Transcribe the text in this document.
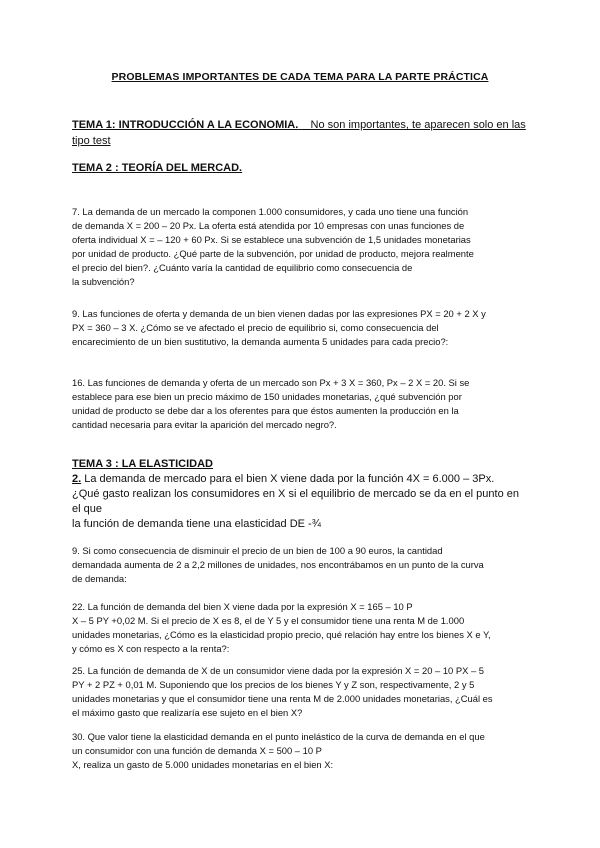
PROBLEMAS IMPORTANTES DE CADA TEMA PARA LA PARTE PRÁCTICA
TEMA 1: INTRODUCCIÓN A LA ECONOMIA. No son importantes, te aparecen solo en las tipo test
TEMA 2 : TEORÍA DEL MERCAD.
7. La demanda de un mercado la componen 1.000 consumidores, y cada uno tiene una función
de demanda X = 200 – 20 Px. La oferta está atendida por 10 empresas con unas funciones de
oferta individual X = – 120 + 60 Px. Si se establece una subvención de 1,5 unidades monetarias
por unidad de producto. ¿Qué parte de la subvención, por unidad de producto, mejora realmente
el precio del bien?. ¿Cuánto varía la cantidad de equilibrio como consecuencia de
la subvención?
9. Las funciones de oferta y demanda de un bien vienen dadas por las expresiones PX = 20 + 2 X y
PX = 360 – 3 X. ¿Cómo se ve afectado el precio de equilibrio si, como consecuencia del
encarecimiento de un bien sustitutivo, la demanda aumenta 5 unidades para cada precio?:
16. Las funciones de demanda y oferta de un mercado son Px + 3 X = 360, Px – 2 X = 20. Si se
establece para ese bien un precio máximo de 150 unidades monetarias, ¿qué subvención por
unidad de producto se debe dar a los oferentes para que éstos aumenten la producción en la
cantidad necesaria para evitar la aparición del mercado negro?.
TEMA 3 : LA ELASTICIDAD
2. La demanda de mercado para el bien X viene dada por la función 4X = 6.000 – 3Px.
¿Qué gasto realizan los consumidores en X si el equilibrio de mercado se da en el punto en
el que
la función de demanda tiene una elasticidad DE -¾
9. Si como consecuencia de disminuir el precio de un bien de 100 a 90 euros, la cantidad
demandada aumenta de 2 a 2,2 millones de unidades, nos encontrábamos en un punto de la curva
de demanda:
22. La función de demanda del bien X viene dada por la expresión X = 165 – 10 P
X – 5 PY +0,02 M. Si el precio de X es 8, el de Y 5 y el consumidor tiene una renta M de 1.000
unidades monetarias, ¿Cómo es la elasticidad propio precio, qué relación hay entre los bienes X e Y,
y cómo es X con respecto a la renta?:
25. La función de demanda de X de un consumidor viene dada por la expresión X = 20 – 10 PX – 5
PY + 2 PZ + 0,01 M. Suponiendo que los precios de los bienes Y y Z son, respectivamente, 2 y 5
unidades monetarias y que el consumidor tiene una renta M de 2.000 unidades monetarias, ¿Cuál es
el máximo gasto que realizaría ese sujeto en el bien X?
30. Que valor tiene la elasticidad demanda en el punto inelástico de la curva de demanda en el que
un consumidor con una función de demanda X = 500 – 10 P
X, realiza un gasto de 5.000 unidades monetarias en el bien X:
